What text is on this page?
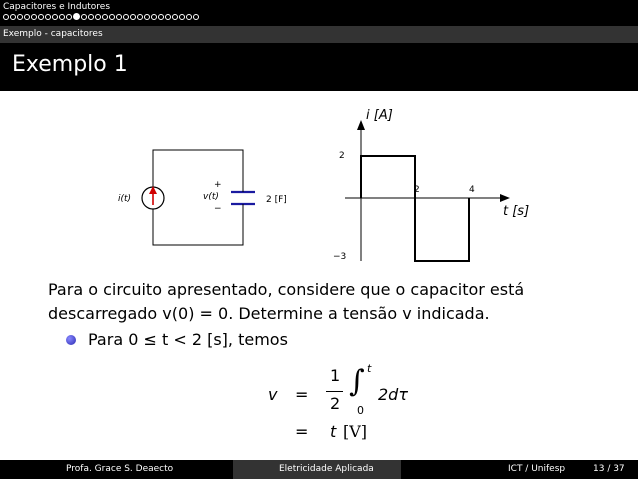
Capacitores e Indutores
Exemplo - capacitores
Exemplo 1
i(t)
+
v(t)
−
2 [F]
i [A]
t [s]
2
−3
2	4
Para o circuito apresentado, considere que o capacitor está
descarregado v(0) = 0. Determine a tensão v indicada.
Para 0 ≤ t < 2 [s], temos
v =
1
2
∫ t
0
2dτ
= t [V]
Profa. Grace S. Deaecto	Eletricidade Aplicada	ICT / Unifesp	13 / 37
